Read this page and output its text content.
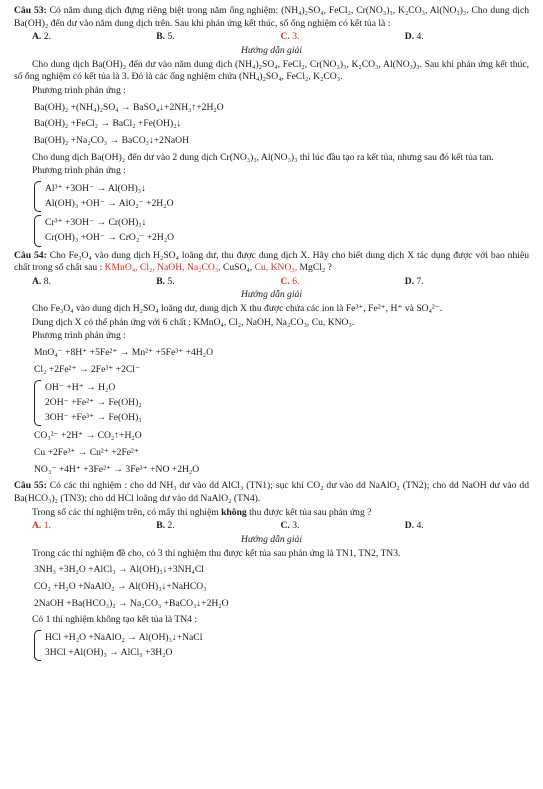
Câu 53: Có năm dung dịch đựng riêng biệt trong năm ống nghiệm: (NH₄)₂SO₄, FeCl₂, Cr(NO₃)₃, K₂CO₃, Al(NO₃)₃. Cho dung dịch Ba(OH)₂ đến dư vào năm dung dịch trên. Sau khi phản ứng kết thúc, số ống nghiệm có kết tủa là :

A. 2.	B. 5.	C. 3.	D. 4.

Hướng dẫn giải

Cho dung dịch Ba(OH)₂ đến dư vào năm dung dịch (NH₄)₂SO₄, FeCl₂, Cr(NO₃)₃, K₂CO₃, Al(NO₃)₃. Sau khi phản ứng kết thúc, số ống nghiệm có kết tủa là 3. Đó là các ống nghiệm chứa (NH₄)₂SO₄, FeCl₂, K₂CO₃.

Phương trình phản ứng :

Ba(OH)₂ +(NH₄)₂SO₄ → BaSO₄↓+2NH₃↑+2H₂O

Ba(OH)₂ +FeCl₂ → BaCl₂ +Fe(OH)₂↓

Ba(OH)₂ +Na₂CO₃ → BaCO₃↓+2NaOH

Cho dung dịch Ba(OH)₂ đến dư vào 2 dung dịch Cr(NO₃)₃, Al(NO₃)₃ thì lúc đầu tạo ra kết tủa, nhưng sau đó kết tủa tan.

Phương trình phản ứng :

Al³⁺ +3OH⁻ → Al(OH)₃↓
Al(OH)₃ +OH⁻ → AlO₂⁻ +2H₂O
Cr³⁺ +3OH⁻ → Cr(OH)₃↓
Cr(OH)₃ +OH⁻ → CrO₂⁻ +2H₂O

Câu 54: Cho Fe₃O₄ vào dung dịch H₂SO₄ loãng dư, thu được dung dịch X. Hãy cho biết dung dịch X tác dụng được với bao nhiêu chất trong số chất sau : KMnO₄, Cl₂, NaOH, Na₂CO₃, CuSO₄, Cu, KNO₃, MgCl₂ ?

A. 8.	B. 5.	C. 6.	D. 7.

Hướng dẫn giải

Cho Fe₃O₄ vào dung dịch H₂SO₄ loãng dư, dung dịch X thu được chứa các ion là Fe³⁺, Fe²⁺, H⁺ và SO₄²⁻.

Dung dịch X có thể phản ứng với 6 chất : KMnO₄, Cl₂, NaOH, Na₂CO₃, Cu, KNO₃.

Phương trình phản ứng :

MnO₄⁻ +8H⁺ +5Fe²⁺ → Mn²⁺ +5Fe³⁺ +4H₂O

Cl₂ +2Fe²⁺ → 2Fe³⁺ +2Cl⁻

OH⁻ +H⁺ → H₂O
2OH⁻ +Fe²⁺ → Fe(OH)₂
3OH⁻ +Fe³⁺ → Fe(OH)₃

CO₃²⁻ +2H⁺ → CO₂↑+H₂O

Cu +2Fe³⁺ → Cu²⁺ +2Fe²⁺

NO₃⁻ +4H⁺ +3Fe²⁺ → 3Fe³⁺ +NO +2H₂O

Câu 55: Có các thí nghiệm : cho dd NH₃ dư vào dd AlCl₃ (TN1); sục khí CO₂ dư vào dd NaAlO₂ (TN2); cho dd NaOH dư vào dd Ba(HCO₃)₂ (TN3); cho dd HCl loãng dư vào dd NaAlO₂ (TN4).

Trong số các thí nghiệm trên, có mấy thí nghiệm không thu được kết tủa sau phản ứng ?

A. 1.	B. 2.	C. 3.	D. 4.

Hướng dẫn giải

Trong các thí nghiệm đề cho, có 3 thí nghiệm thu được kết tủa sau phản ứng là TN1, TN2, TN3.

3NH₃ +3H₂O +AlCl₃ → Al(OH)₃↓+3NH₄Cl

CO₂ +H₂O +NaAlO₂ → Al(OH)₃↓+NaHCO₃

2NaOH +Ba(HCO₃)₂ → Na₂CO₃ +BaCO₃↓+2H₂O

Có 1 thí nghiệm không tạo kết tủa là TN4 :

HCl +H₂O +NaAlO₂ → Al(OH)₃↓+NaCl
3HCl +Al(OH)₃ → AlCl₃ +3H₂O
